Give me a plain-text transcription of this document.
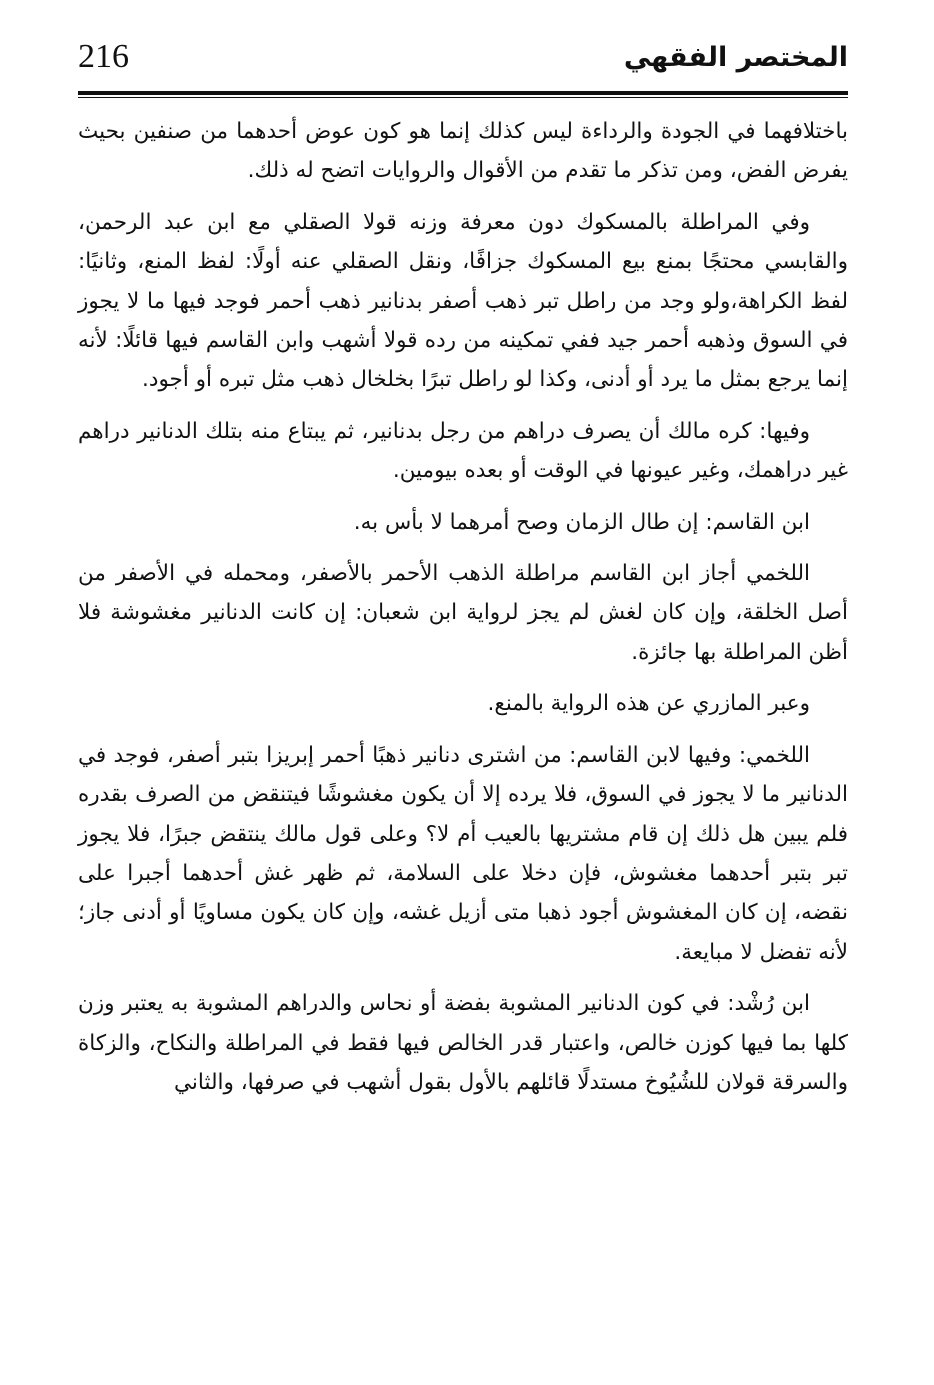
216	المختصر الفقهي

باختلافهما في الجودة والرداءة ليس كذلك إنما هو كون عوض أحدهما من صنفين بحيث يفرض الفض، ومن تذكر ما تقدم من الأقوال والروايات اتضح له ذلك.

وفي المراطلة بالمسكوك دون معرفة وزنه قولا الصقلي مع ابن عبد الرحمن، والقابسي محتجًا بمنع بيع المسكوك جزافًا، ونقل الصقلي عنه أولًا: لفظ المنع، وثانيًا: لفظ الكراهة،ولو وجد من راطل تبر ذهب أصفر بدنانير ذهب أحمر فوجد فيها ما لا يجوز في السوق وذهبه أحمر جيد ففي تمكينه من رده قولا أشهب وابن القاسم فيها قائلًا: لأنه إنما يرجع بمثل ما يرد أو أدنى، وكذا لو راطل تبرًا بخلخال ذهب مثل تبره أو أجود.

وفيها: كره مالك أن يصرف دراهم من رجل بدنانير، ثم يبتاع منه بتلك الدنانير دراهم غير دراهمك، وغير عيونها في الوقت أو بعده بيومين.

ابن القاسم: إن طال الزمان وصح أمرهما لا بأس به.

اللخمي أجاز ابن القاسم مراطلة الذهب الأحمر بالأصفر، ومحمله في الأصفر من أصل الخلقة، وإن كان لغش لم يجز لرواية ابن شعبان: إن كانت الدنانير مغشوشة فلا أظن المراطلة بها جائزة.

وعبر المازري عن هذه الرواية بالمنع.

اللخمي: وفيها لابن القاسم: من اشترى دنانير ذهبًا أحمر إبريزا بتبر أصفر، فوجد في الدنانير ما لا يجوز في السوق، فلا يرده إلا أن يكون مغشوشًا فيتنقض من الصرف بقدره فلم يبين هل ذلك إن قام مشتريها بالعيب أم لا؟ وعلى قول مالك ينتقض جبرًا، فلا يجوز تبر بتبر أحدهما مغشوش، فإن دخلا على السلامة، ثم ظهر غش أحدهما أجبرا على نقضه، إن كان المغشوش أجود ذهبا متى أزيل غشه، وإن كان يكون مساويًا أو أدنى جاز؛ لأنه تفضل لا مبايعة.

ابن رُشْد: في كون الدنانير المشوبة بفضة أو نحاس والدراهم المشوبة به يعتبر وزن كلها بما فيها كوزن خالص، واعتبار قدر الخالص فيها فقط في المراطلة والنكاح، والزكاة والسرقة قولان للشُيُوخ مستدلًا قائلهم بالأول بقول أشهب في صرفها، والثاني
